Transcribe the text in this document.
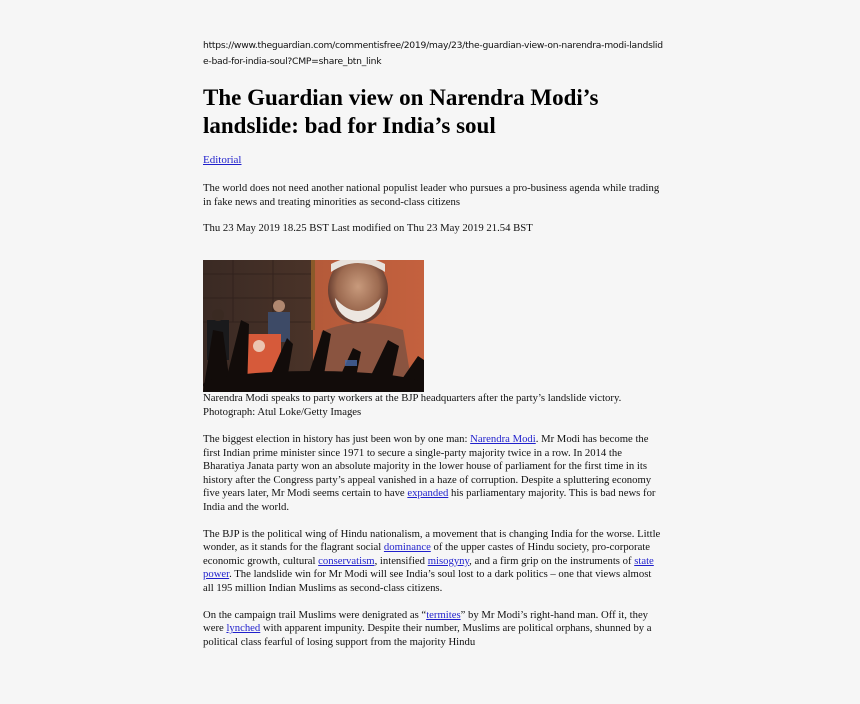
https://www.theguardian.com/commentisfree/2019/may/23/the-guardian-view-on-narendra-modi-landslide-bad-for-india-soul?CMP=share_btn_link

The Guardian view on Narendra Modi’s landslide: bad for India’s soul
Editorial

The world does not need another national populist leader who pursues a pro-business agenda while trading in fake news and treating minorities as second-class citizens

Thu 23 May 2019 18.25 BST Last modified on Thu 23 May 2019 21.54 BST

Narendra Modi speaks to party workers at the BJP headquarters after the party’s landslide victory. Photograph: Atul Loke/Getty Images

The biggest election in history has just been won by one man: Narendra Modi. Mr Modi has become the first Indian prime minister since 1971 to secure a single-party majority twice in a row. In 2014 the Bharatiya Janata party won an absolute majority in the lower house of parliament for the first time in its history after the Congress party’s appeal vanished in a haze of corruption. Despite a spluttering economy five years later, Mr Modi seems certain to have expanded his parliamentary majority. This is bad news for India and the world.

The BJP is the political wing of Hindu nationalism, a movement that is changing India for the worse. Little wonder, as it stands for the flagrant social dominance of the upper castes of Hindu society, pro-corporate economic growth, cultural conservatism, intensified misogyny, and a firm grip on the instruments of state power. The landslide win for Mr Modi will see India’s soul lost to a dark politics – one that views almost all 195 million Indian Muslims as second-class citizens.

On the campaign trail Muslims were denigrated as “termites” by Mr Modi’s right-hand man. Off it, they were lynched with apparent impunity. Despite their number, Muslims are political orphans, shunned by a political class fearful of losing support from the majority Hindu
